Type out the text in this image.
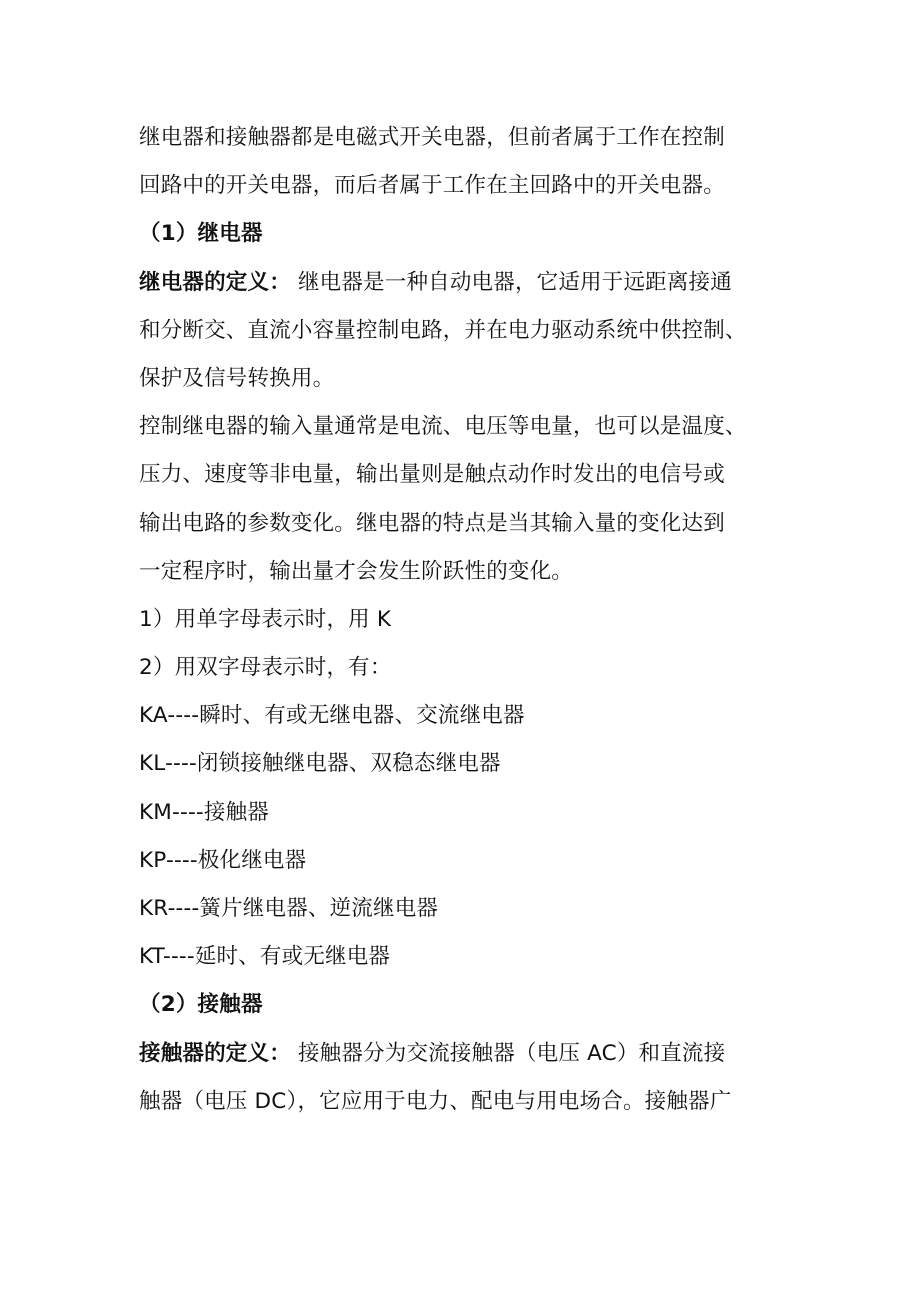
继电器和接触器都是电磁式开关电器，但前者属于工作在控制
回路中的开关电器，而后者属于工作在主回路中的开关电器。
（1）继电器
继电器的定义： 继电器是一种自动电器，它适用于远距离接通
和分断交、直流小容量控制电路，并在电力驱动系统中供控制、
保护及信号转换用。
控制继电器的输入量通常是电流、电压等电量，也可以是温度、
压力、速度等非电量，输出量则是触点动作时发出的电信号或
输出电路的参数变化。继电器的特点是当其输入量的变化达到
一定程序时，输出量才会发生阶跃性的变化。
1）用单字母表示时，用 K
2）用双字母表示时，有：
KA----瞬时、有或无继电器、交流继电器
KL----闭锁接触继电器、双稳态继电器
KM----接触器
KP----极化继电器
KR----簧片继电器、逆流继电器
KT----延时、有或无继电器
（2）接触器
接触器的定义： 接触器分为交流接触器（电压 AC）和直流接
触器（电压 DC），它应用于电力、配电与用电场合。接触器广
